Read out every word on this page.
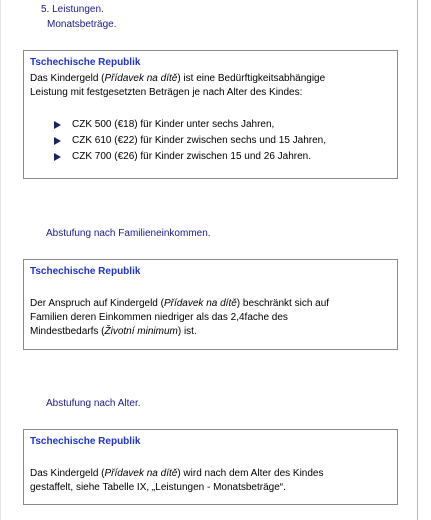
5. Leistungen.
Monatsbeträge.
Tschechische Republik
Das Kindergeld (Přídavek na dítě) ist eine Bedürftigkeitsabhängige
Leistung mit festgesetzten Beträgen je nach Alter des Kindes:
CZK 500 (€18) für Kinder unter sechs Jahren,
CZK 610 (€22) für Kinder zwischen sechs und 15 Jahren,
CZK 700 (€26) für Kinder zwischen 15 und 26 Jahren.
Abstufung nach Familieneinkommen.
Tschechische Republik
Der Anspruch auf Kindergeld (Přídavek na dítě) beschränkt sich auf
Familien deren Einkommen niedriger als das 2,4fache des
Mindestbedarfs (Životní minimum) ist.
Abstufung nach Alter.
Tschechische Republik
Das Kindergeld (Přídavek na dítě) wird nach dem Alter des Kindes
gestaffelt, siehe Tabelle IX, „Leistungen - Monatsbeträge“.
